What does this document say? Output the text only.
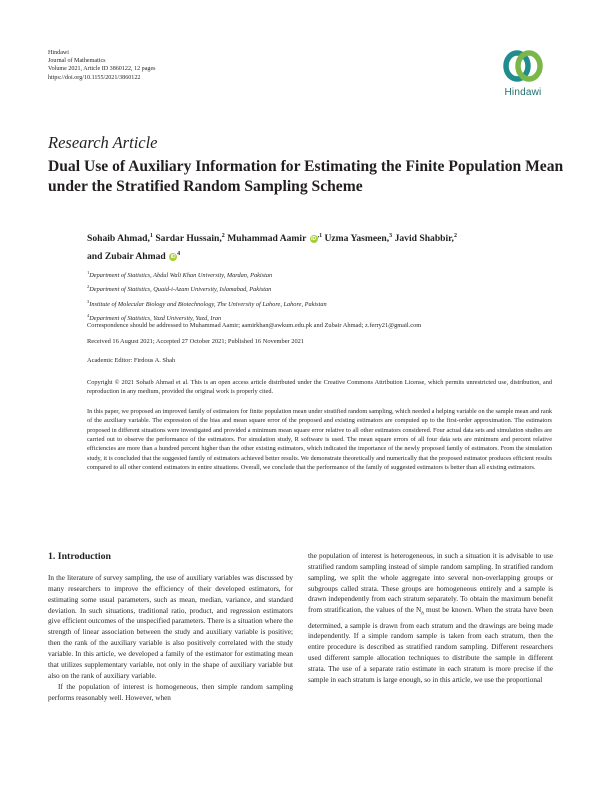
Hindawi
Journal of Mathematics
Volume 2021, Article ID 3860122, 12 pages
https://doi.org/10.1155/2021/3860122
Hindawi
Research Article
Dual Use of Auxiliary Information for Estimating the Finite Population Mean under the Stratified Random Sampling Scheme
Sohaib Ahmad,$^1$ Sardar Hussain,$^2$ Muhammad Aamir $iD^{,1}$ Uzma Yasmeen,$^3$ Javid Shabbir,$^2$
and Zubair Ahmad $iD^4$
$^1$Department of Statistics, Abdul Wali Khan University, Mardan, Pakistan
$^2$Department of Statistics, Quaid-i-Azam University, Islamabad, Pakistan
$^3$Institute of Molecular Biology and Biotechnology, The University of Lahore, Lahore, Pakistan
$^4$Department of Statistics, Yazd University, Yazd, Iran
Correspondence should be addressed to Muhammad Aamir; aamirkhan@awkum.edu.pk and Zubair Ahmad; z.ferry21@gmail.com
Received 16 August 2021; Accepted 27 October 2021; Published 16 November 2021
Academic Editor: Firdous A. Shah
Copyright © 2021 Sohaib Ahmad et al. This is an open access article distributed under the Creative Commons Attribution License, which permits unrestricted use, distribution, and reproduction in any medium, provided the original work is properly cited.
In this paper, we proposed an improved family of estimators for finite population mean under stratified random sampling, which needed a helping variable on the sample mean and rank of the auxiliary variable. The expression of the bias and mean square error of the proposed and existing estimators are computed up to the first-order approximation. The estimators proposed in different situations were investigated and provided a minimum mean square error relative to all other estimators considered. Four actual data sets and simulation studies are carried out to observe the performance of the estimators. For simulation study, R software is used. The mean square errors of all four data sets are minimum and percent relative efficiencies are more than a hundred percent higher than the other existing estimators, which indicated the importance of the newly proposed family of estimators. From the simulation study, it is concluded that the suggested family of estimators achieved better results. We demonstrate theoretically and numerically that the proposed estimator produces efficient results compared to all other contend estimators in entire situations. Overall, we conclude that the performance of the family of suggested estimators is better than all existing estimators.
1. Introduction

In the literature of survey sampling, the use of auxiliary variables was discussed by many researchers to improve the efficiency of their developed estimators, for estimating some usual parameters, such as mean, median, variance, and standard deviation. In such situations, traditional ratio, product, and regression estimators give efficient outcomes of the unspecified parameters. There is a situation where the strength of linear association between the study and auxiliary variable is positive; then the rank of the auxiliary variable is also positively correlated with the study variable. In this article, we developed a family of the estimator for estimating mean that utilizes supplementary variable, not only in the shape of auxiliary variable but also on the rank of auxiliary variable.

If the population of interest is homogeneous, then simple random sampling performs reasonably well. However, when

the population of interest is heterogeneous, in such a situation it is advisable to use stratified random sampling instead of simple random sampling. In stratified random sampling, we split the whole aggregate into several non-overlapping groups or subgroups called strata. These groups are homogeneous entirely and a sample is drawn independently from each stratum separately. To obtain the maximum benefit from stratification, the values of the $N_h$ must be known. When the strata have been determined, a sample is drawn from each stratum and the drawings are being made independently. If a simple random sample is taken from each stratum, then the entire procedure is described as stratified random sampling. Different researchers used different sample allocation techniques to distribute the sample in different strata. The use of a separate ratio estimate in each stratum is more precise if the sample in each stratum is large enough, so in this article, we use the proportional
